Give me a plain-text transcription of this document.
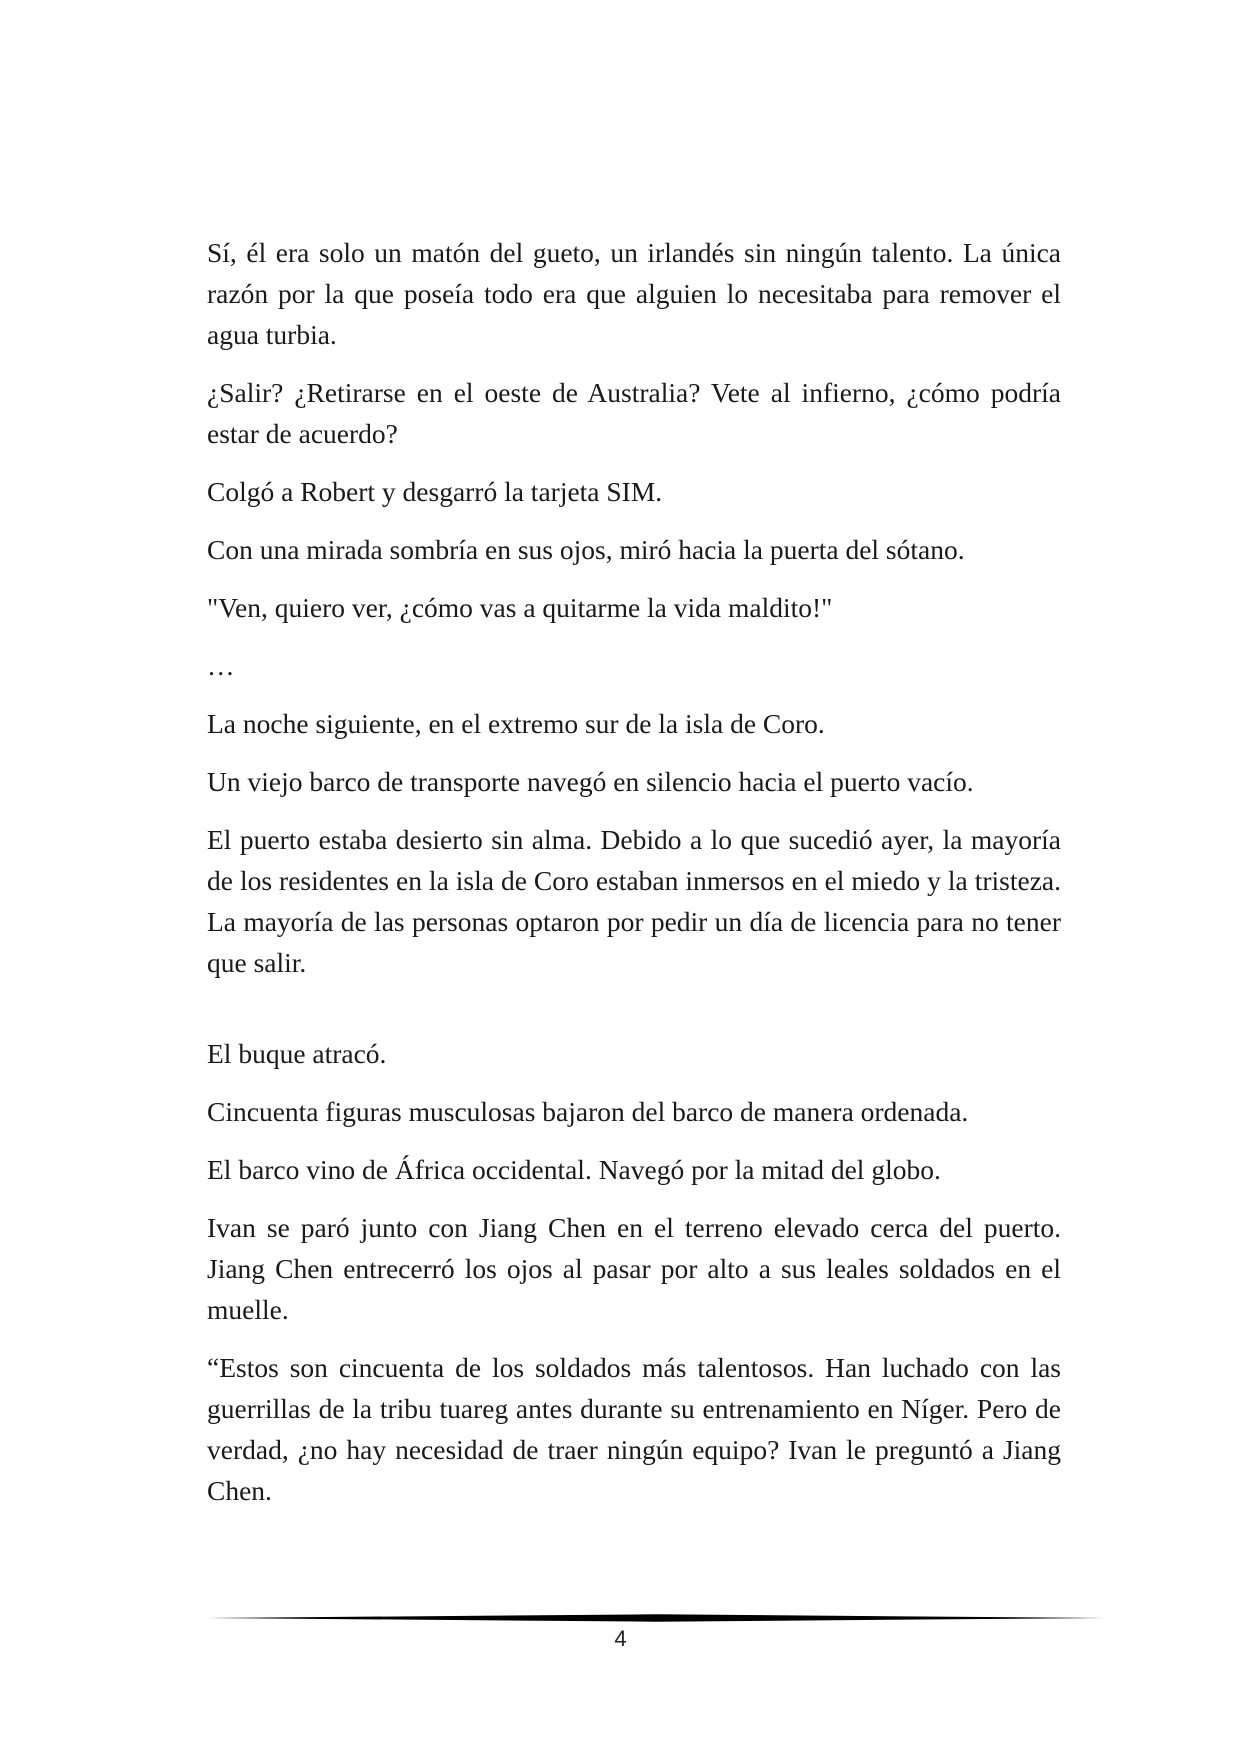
Sí, él era solo un matón del gueto, un irlandés sin ningún talento. La única razón por la que poseía todo era que alguien lo necesitaba para remover el agua turbia.

¿Salir? ¿Retirarse en el oeste de Australia? Vete al infierno, ¿cómo podría estar de acuerdo?

Colgó a Robert y desgarró la tarjeta SIM.

Con una mirada sombría en sus ojos, miró hacia la puerta del sótano.

"Ven, quiero ver, ¿cómo vas a quitarme la vida maldito!"

…

La noche siguiente, en el extremo sur de la isla de Coro.

Un viejo barco de transporte navegó en silencio hacia el puerto vacío.

El puerto estaba desierto sin alma. Debido a lo que sucedió ayer, la mayoría de los residentes en la isla de Coro estaban inmersos en el miedo y la tristeza. La mayoría de las personas optaron por pedir un día de licencia para no tener que salir.

El buque atracó.

Cincuenta figuras musculosas bajaron del barco de manera ordenada.

El barco vino de África occidental. Navegó por la mitad del globo.

Ivan se paró junto con Jiang Chen en el terreno elevado cerca del puerto. Jiang Chen entrecerró los ojos al pasar por alto a sus leales soldados en el muelle.

“Estos son cincuenta de los soldados más talentosos. Han luchado con las guerrillas de la tribu tuareg antes durante su entrenamiento en Níger. Pero de verdad, ¿no hay necesidad de traer ningún equipo? Ivan le preguntó a Jiang Chen.

4
